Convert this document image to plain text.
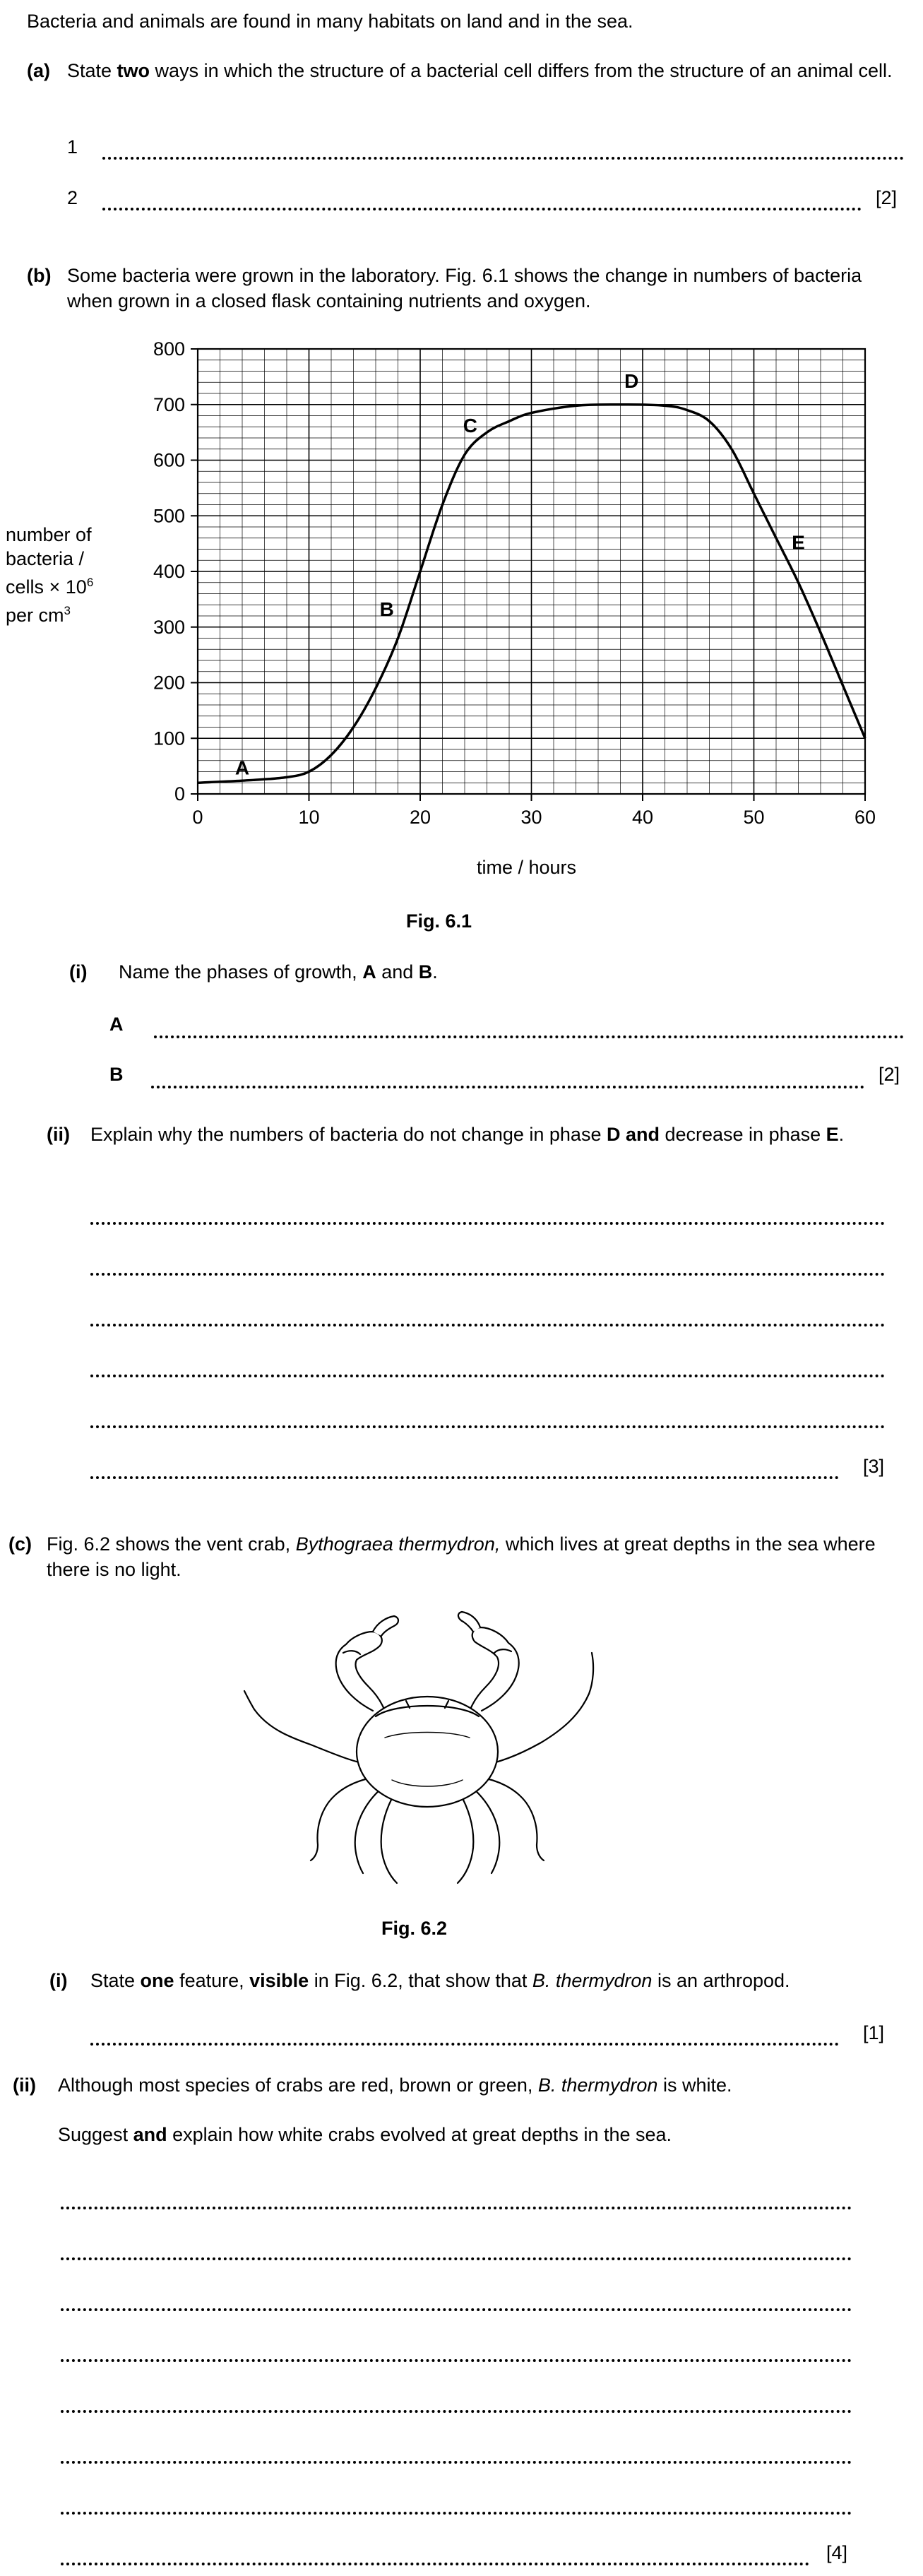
Bacteria and animals are found in many habitats on land and in the sea.
(a) State two ways in which the structure of a bacterial cell differs from the structure of an animal cell.
1
2	[2]
(b) Some bacteria were grown in the laboratory. Fig. 6.1 shows the change in numbers of bacteria when grown in a closed flask containing nutrients and oxygen.
number of
bacteria /
cells × $10^6$
per $cm^3$
0	10	20	30	40	50	60
0
100
200
300
400
500
600
700
800
A
B
C
D
E
time / hours
Fig. 6.1
(i) Name the phases of growth, A and B.
A
B	[2]
(ii) Explain why the numbers of bacteria do not change in phase D and decrease in phase E.
[3]
(c) Fig. 6.2 shows the vent crab, Bythograea thermydron, which lives at great depths in the sea where there is no light.
Fig. 6.2
(i) State one feature, visible in Fig. 6.2, that show that B. thermydron is an arthropod.
[1]
(ii) Although most species of crabs are red, brown or green, B. thermydron is white.
Suggest and explain how white crabs evolved at great depths in the sea.
[4]
